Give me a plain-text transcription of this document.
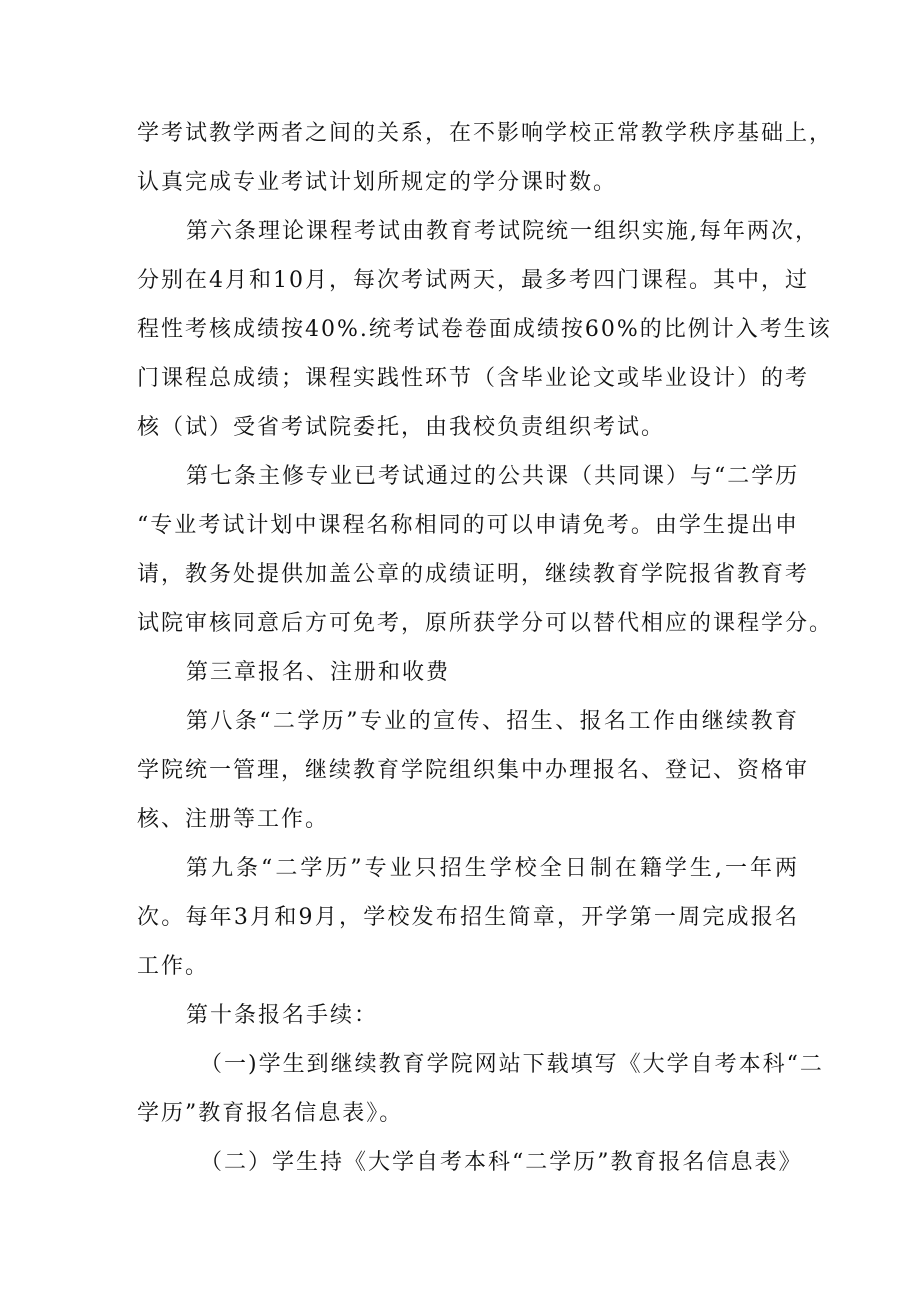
学考试教学两者之间的关系，在不影响学校正常教学秩序基础上，
认真完成专业考试计划所规定的学分课时数。
第六条理论课程考试由教育考试院统一组织实施,每年两次，
分别在4月和10月，每次考试两天，最多考四门课程。其中，过
程性考核成绩按40%.统考试卷卷面成绩按60%的比例计入考生该
门课程总成绩；课程实践性环节（含毕业论文或毕业设计）的考
核（试）受省考试院委托，由我校负责组织考试。
第七条主修专业已考试通过的公共课（共同课）与“二学历
“专业考试计划中课程名称相同的可以申请免考。由学生提出申
请，教务处提供加盖公章的成绩证明，继续教育学院报省教育考
试院审核同意后方可免考，原所获学分可以替代相应的课程学分。
第三章报名、注册和收费
第八条“二学历”专业的宣传、招生、报名工作由继续教育
学院统一管理，继续教育学院组织集中办理报名、登记、资格审
核、注册等工作。
第九条“二学历”专业只招生学校全日制在籍学生,一年两
次。每年3月和9月，学校发布招生简章，开学第一周完成报名
工作。
第十条报名手续：
（一)学生到继续教育学院网站下载填写《大学自考本科“二
学历”教育报名信息表》。
（二）学生持《大学自考本科“二学历”教育报名信息表》
